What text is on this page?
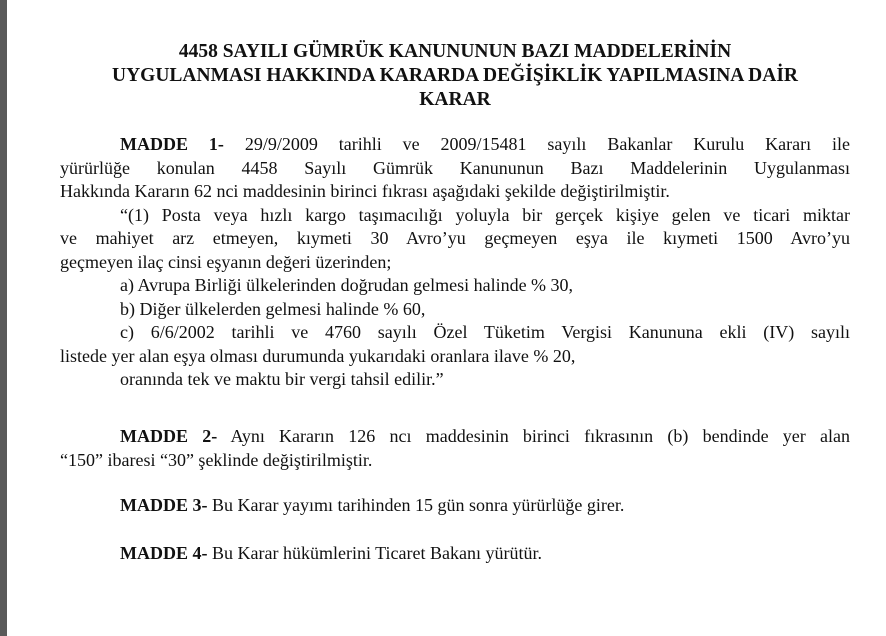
4458 SAYILI GÜMRÜK KANUNUNUN BAZI MADDELERİNİN
UYGULANMASI HAKKINDA KARARDA DEĞİŞİKLİK YAPILMASINA DAİR
KARAR
MADDE 1- 29/9/2009 tarihli ve 2009/15481 sayılı Bakanlar Kurulu Kararı ile
yürürlüğe konulan 4458 Sayılı Gümrük Kanununun Bazı Maddelerinin Uygulanması
Hakkında Kararın 62 nci maddesinin birinci fıkrası aşağıdaki şekilde değiştirilmiştir.
“(1) Posta veya hızlı kargo taşımacılığı yoluyla bir gerçek kişiye gelen ve ticari miktar
ve mahiyet arz etmeyen, kıymeti 30 Avro’yu geçmeyen eşya ile kıymeti 1500 Avro’yu
geçmeyen ilaç cinsi eşyanın değeri üzerinden;
a) Avrupa Birliği ülkelerinden doğrudan gelmesi halinde % 30,
b) Diğer ülkelerden gelmesi halinde % 60,
c) 6/6/2002 tarihli ve 4760 sayılı Özel Tüketim Vergisi Kanununa ekli (IV) sayılı
listede yer alan eşya olması durumunda yukarıdaki oranlara ilave % 20,
oranında tek ve maktu bir vergi tahsil edilir.”
MADDE 2- Aynı Kararın 126 ncı maddesinin birinci fıkrasının (b) bendinde yer alan
“150” ibaresi “30” şeklinde değiştirilmiştir.
MADDE 3- Bu Karar yayımı tarihinden 15 gün sonra yürürlüğe girer.
MADDE 4- Bu Karar hükümlerini Ticaret Bakanı yürütür.
